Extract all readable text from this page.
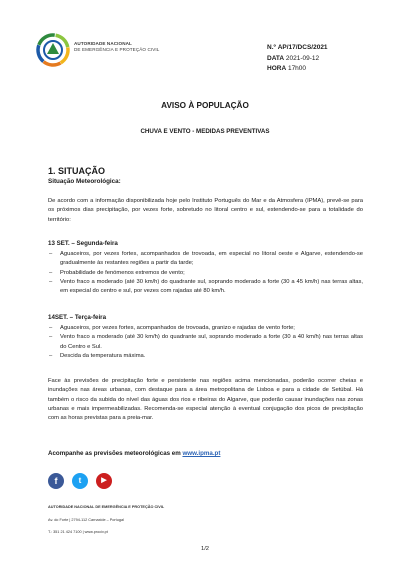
AUTORIDADE NACIONAL
DE EMERGÊNCIA E PROTEÇÃO CIVIL	N.º AP/17/DCS/2021
DATA 2021-09-12
HORA 17h00
AVISO À POPULAÇÃO
CHUVA E VENTO - MEDIDAS PREVENTIVAS
1. SITUAÇÃO
Situação Meteorológica:
De acordo com a informação disponibilizada hoje pelo Instituto Português do Mar e da Atmosfera (IPMA), prevê-se para os próximos dias precipitação, por vezes forte, sobretudo no litoral centro e sul, estendendo-se para a totalidade do território:
13 SET. – Segunda-feira
– Aguaceiros, por vezes fortes, acompanhados de trovoada, em especial no litoral oeste e Algarve, estendendo-se gradualmente às restantes regiões a partir da tarde;
– Probabilidade de fenómenos extremos de vento;
– Vento fraco a moderado (até 30 km/h) do quadrante sul, soprando moderado a forte (30 a 45 km/h) nas terras altas, em especial do centro e sul, por vezes com rajadas até 80 km/h.
14SET. – Terça-feira
– Aguaceiros, por vezes fortes, acompanhados de trovoada, granizo e rajadas de vento forte;
– Vento fraco a moderado (até 30 km/h) do quadrante sul, soprando moderado a forte (30 a 40 km/h) nas terras altas do Centro e Sul.
– Descida da temperatura máxima.
Face às previsões de precipitação forte e persistente nas regiões acima mencionadas, poderão ocorrer cheias e inundações nas áreas urbanas, com destaque para a área metropolitana de Lisboa e para a cidade de Setúbal. Há também o risco da subida do nível das águas dos rios e ribeiras do Algarve, que poderão causar inundações nas zonas urbanas e mais impermeabilizadas. Recomenda-se especial atenção à eventual conjugação dos picos de precipitação com as horas previstas para a preia-mar.
Acompanhe as previsões meteorológicas em www.ipma.pt
f	t	▶
AUTORIDADE NACIONAL DE EMERGÊNCIA E PROTEÇÃO CIVIL
Av. do Forte | 2794-112 Carnaxide – Portugal
T.: 351 21 424 7100 | www.prociv.pt
1/2
